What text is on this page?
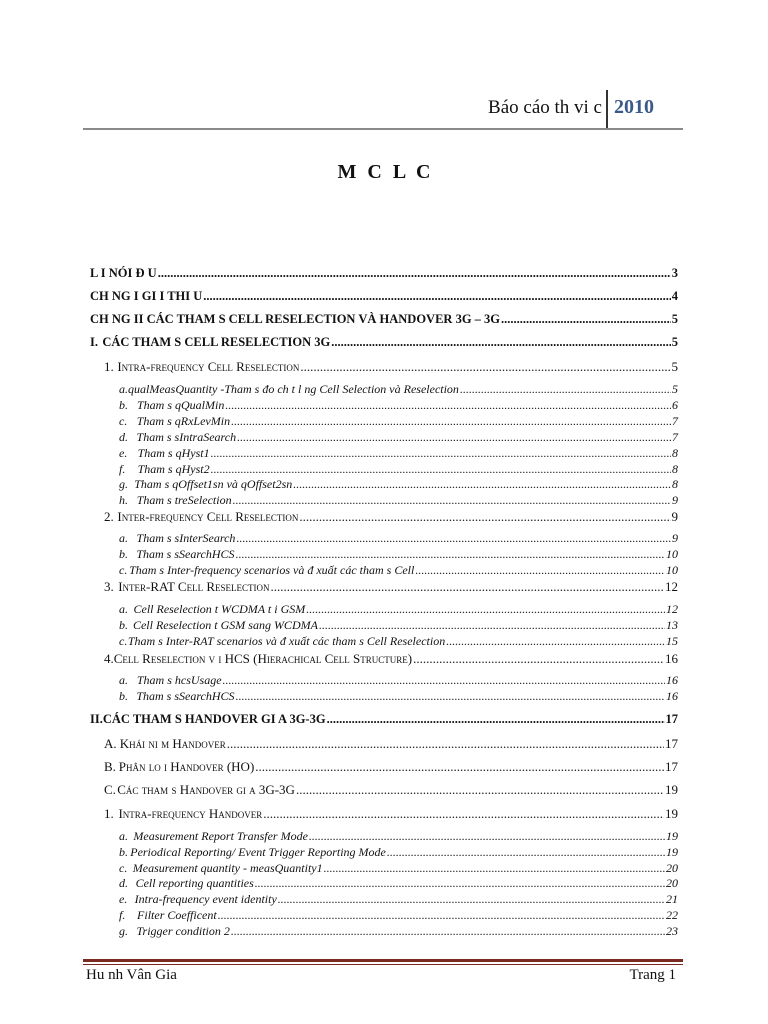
Báo cáo th vi c 2010
M C L C
L I NÓI Đ U .....	3
CH NG I GI I THI U .....	4
CH NG II CÁC THAM S CELL RESELECTION VÀ HANDOVER 3G – 3G .....	5
I. CÁC THAM S CELL RESELECTION 3G .....	5
1. Intra-frequency Cell Reselection .....	5
a. qualMeasQuantity -Tham s đo ch t l ng Cell Selection và Reselection .....	5
b. Tham s qQualMin .....	6
c. Tham s qRxLevMin .....	7
d. Tham s sIntraSearch .....	7
e. Tham s qHyst1 .....	8
f.	Tham s qHyst2 .....	8
g. Tham s qOffset1sn và qOffset2sn .....	8
h. Tham s treSelection .....	9
2. Inter-frequency Cell Reselection .....	9
a. Tham s sInterSearch .....	9
b. Tham s sSearchHCS .....	10
c. Tham s Inter-frequency scenarios và đ xuất các tham s Cell .....	10
3. Inter-RAT Cell Reselection .....	12
a. Cell Reselection t WCDMA t i GSM .....	12
b. Cell Reselection t GSM sang WCDMA .....	13
c. Tham s Inter-RAT scenarios và đ xuất các tham s Cell Reselection .....	15
4. Cell Reselection v i HCS (Hierachical Cell Structure) .....	16
a. Tham s hcsUsage .....	16
b. Tham s sSearchHCS .....	16
II. CÁC THAM S HANDOVER GI A 3G-3G .....	17
A. Khái ni m Handover .....	17
B. Phân lo i Handover (HO) .....	17
C. Các tham s Handover gi a 3G-3G .....	19
1. Intra-frequency Handover .....	19
a. Measurement Report Transfer Mode .....	19
b. Periodical Reporting/ Event Trigger Reporting Mode .....	19
c. Measurement quantity - measQuantity1 .....	20
d. Cell reporting quantities .....	20
e. Intra-frequency event identity .....	21
f. Filter Coefficent .....	22
g. Trigger condition 2 .....	23
Hu nh Vân Gia	Trang 1
